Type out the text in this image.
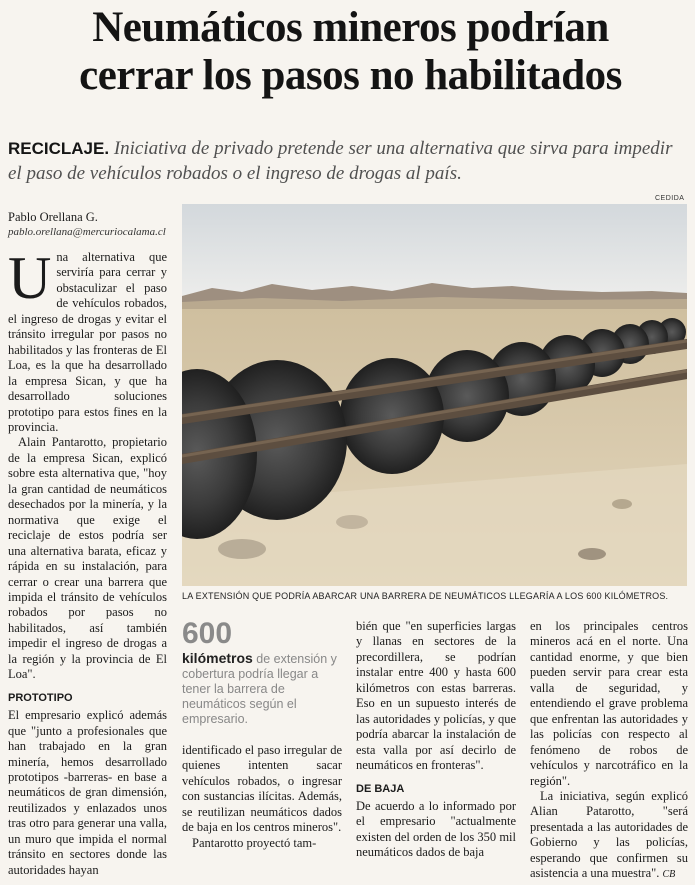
Neumáticos mineros podrían
cerrar los pasos no habilitados
RECICLAJE. Iniciativa de privado pretende ser una alternativa que sirva para impedir el paso de vehículos robados o el ingreso de drogas al país.
CEDIDA
Pablo Orellana G.
pablo.orellana@mercuriocalama.cl
LA EXTENSIÓN QUE PODRÍA ABARCAR UNA BARRERA DE NEUMÁTICOS LLEGARÍA A LOS 600 KILÓMETROS.

Una alternativa que serviría para cerrar y obstaculizar el paso de vehículos robados, el ingreso de drogas y evitar el tránsito irregular por pasos no habilitados y las fronteras de El Loa, es la que ha desarrollado la empresa Sican, y que ha desarrollado soluciones prototipo para estos fines en la provincia.

Alain Pantarotto, propietario de la empresa Sican, explicó sobre esta alternativa que, "hoy la gran cantidad de neumáticos desechados por la minería, y la normativa que exige el reciclaje de estos podría ser una alternativa barata, eficaz y rápida en su instalación, para cerrar o crear una barrera que impida el tránsito de vehículos robados por pasos no habilitados, así también impedir el ingreso de drogas a la región y la provincia de El Loa".

PROTOTIPO

El empresario explicó además que "junto a profesionales que han trabajado en la gran minería, hemos desarrollado prototipos -barreras- en base a neumáticos de gran dimensión, reutilizados y enlazados unos tras otro para generar una valla, un muro que impida el normal tránsito en sectores donde las autoridades hayan

600
kilómetros de extensión y cobertura podría llegar a tener la barrera de neumáticos según el empresario.

identificado el paso irregular de quienes intenten sacar vehículos robados, o ingresar con sustancias ilícitas. Además, se reutilizan neumáticos dados de baja en los centros mineros".

Pantarotto proyectó tam-

bién que "en superficies largas y llanas en sectores de la precordillera, se podrían instalar entre 400 y hasta 600 kilómetros con estas barreras. Eso en un supuesto interés de las autoridades y policías, y que podría abarcar la instalación de esta valla por así decirlo de neumáticos en fronteras".

DE BAJA

De acuerdo a lo informado por el empresario "actualmente existen del orden de los 350 mil neumáticos dados de baja

en los principales centros mineros acá en el norte. Una cantidad enorme, y que bien pueden servir para crear esta valla de seguridad, y entendiendo el grave problema que enfrentan las autoridades y las policías con respecto al fenómeno de robos de vehículos y narcotráfico en la región".

La iniciativa, según explicó Alian Patarotto, "será presentada a las autoridades de Gobierno y las policías, esperando que confirmen su asistencia a una muestra". CB
